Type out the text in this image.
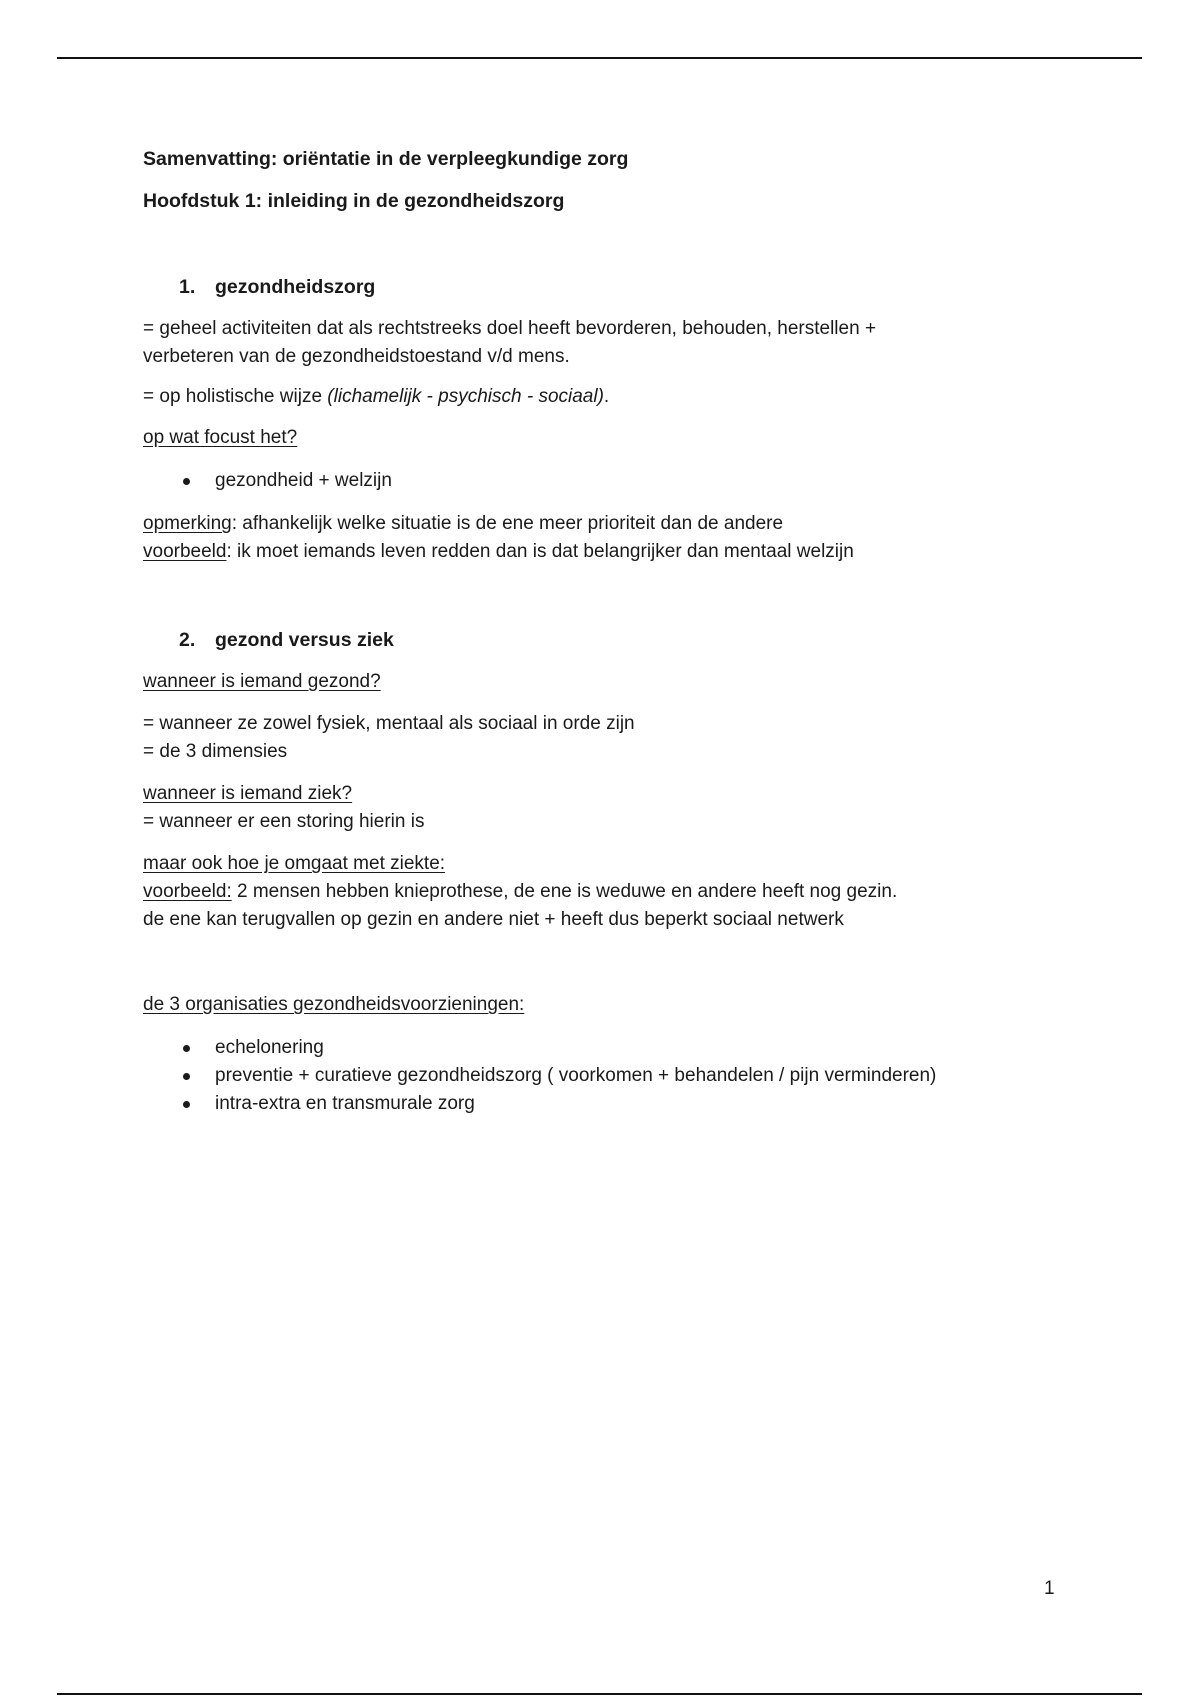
Samenvatting: oriëntatie in de verpleegkundige zorg

Hoofdstuk 1: inleiding in de gezondheidszorg

1.	gezondheidszorg

= geheel activiteiten dat als rechtstreeks doel heeft bevorderen, behouden, herstellen +

verbeteren van de gezondheidstoestand v/d mens.

= op holistische wijze (lichamelijk - psychisch - sociaal).

op wat focust het?

gezondheid + welzijn

opmerking: afhankelijk welke situatie is de ene meer prioriteit dan de andere

voorbeeld: ik moet iemands leven redden dan is dat belangrijker dan mentaal welzijn

2.	gezond versus ziek

wanneer is iemand gezond?

= wanneer ze zowel fysiek, mentaal als sociaal in orde zijn

= de 3 dimensies

wanneer is iemand ziek?

= wanneer er een storing hierin is

maar ook hoe je omgaat met ziekte:

voorbeeld: 2 mensen hebben knieprothese, de ene is weduwe en andere heeft nog gezin.

de ene kan terugvallen op gezin en andere niet + heeft dus beperkt sociaal netwerk

de 3 organisaties gezondheidsvoorzieningen:

echelonering
preventie + curatieve gezondheidszorg ( voorkomen + behandelen / pijn verminderen)
intra-extra en transmurale zorg
1
